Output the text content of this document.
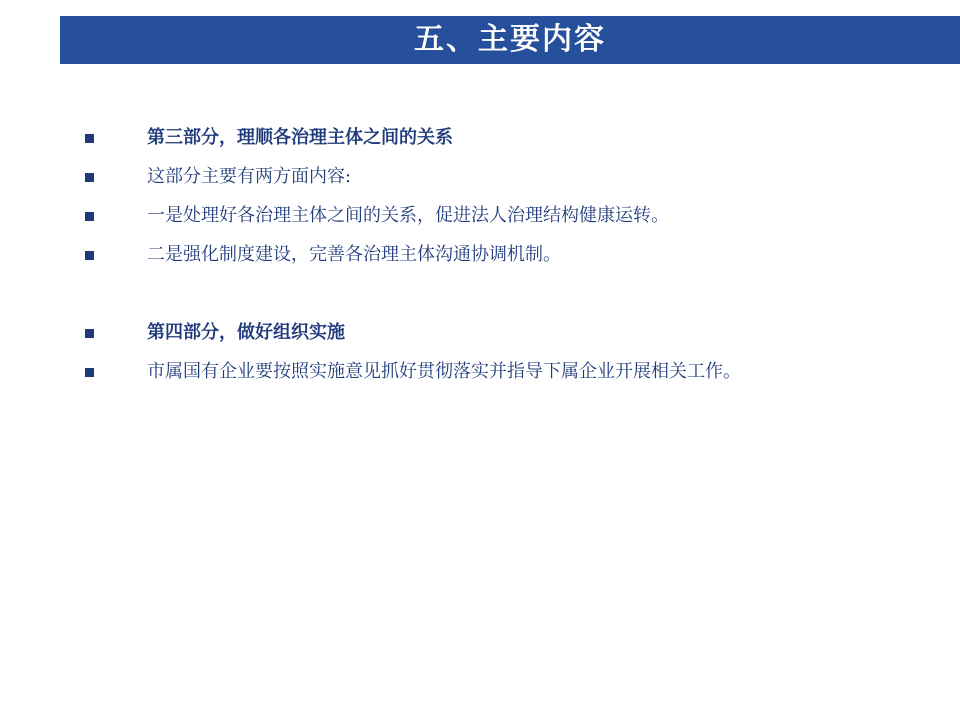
五、主要内容
第三部分，理顺各治理主体之间的关系
这部分主要有两方面内容:
一是处理好各治理主体之间的关系，促进法人治理结构健康运转。
二是强化制度建设，完善各治理主体沟通协调机制。
第四部分，做好组织实施
市属国有企业要按照实施意见抓好贯彻落实并指导下属企业开展相关工作。
